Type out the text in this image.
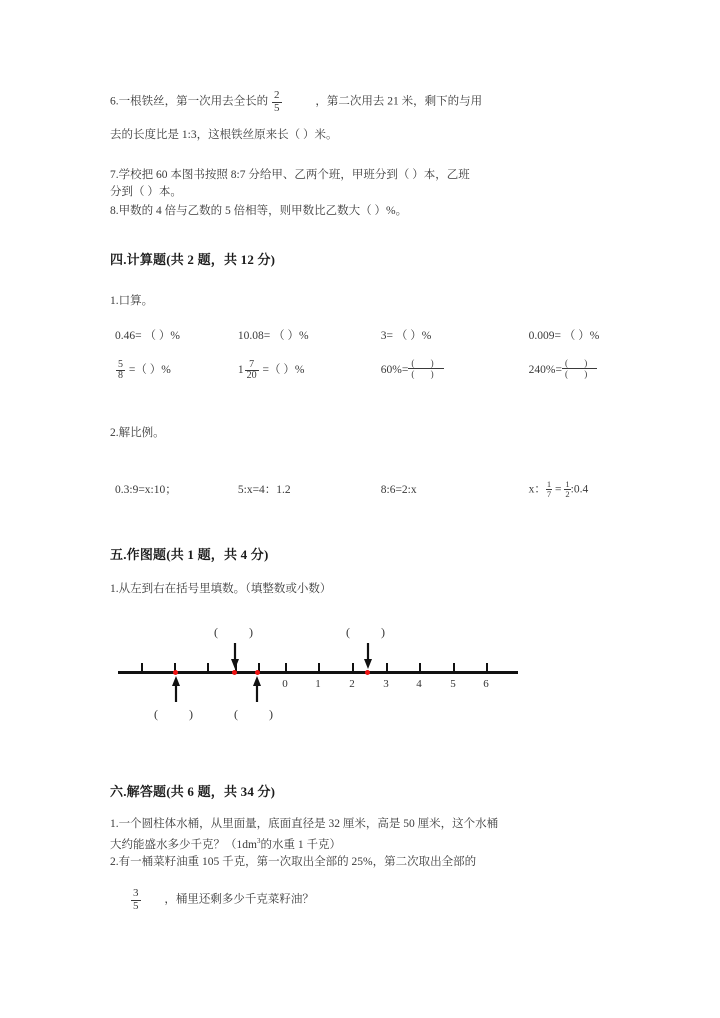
6.一根铁丝，第一次用去全长的 $\frac{2}{5}$	，第二次用去 21 米，剩下的与用
去的长度比是 1:3，这根铁丝原来长（ ）米。
7.学校把 60 本图书按照 8:7 分给甲、乙两个班，甲班分到（ ）本，乙班
分到（ ）本。
8.甲数的 4 倍与乙数的 5 倍相等，则甲数比乙数大（ ）%。
四.计算题(共 2 题，共 12 分)
1.口算。
0.46= （ ）%	10.08= （ ）%	3= （ ）%	0.009= （ ）%
$\frac{5}{8}$ =（ ）%	$1 \frac{7}{20}$ =（ ）%	$60\%= \frac{( )}{( )}$	$240\%= \frac{( )}{( )}$
2.解比例。
0.3:9=x:10；	5:x=4：1.2	8:6=2:x	x： $\frac{1}{7} = \frac{1}{2}$ :0.4
五.作图题(共 1 题，共 4 分)
1.从左到右在括号里填数。（填整数或小数）
( )	( )
0	1	2	3	4	5	6
( ) ( )
六.解答题(共 6 题，共 34 分)
1.一个圆柱体水桶，从里面量，底面直径是 32 厘米，高是 50 厘米，这个水桶
大约能盛水多少千克？（$1dm^3$的水重 1 千克）
2.有一桶菜籽油重 105 千克，第一次取出全部的 25%，第二次取出全部的
$\frac{3}{5}$ ，桶里还剩多少千克菜籽油？
